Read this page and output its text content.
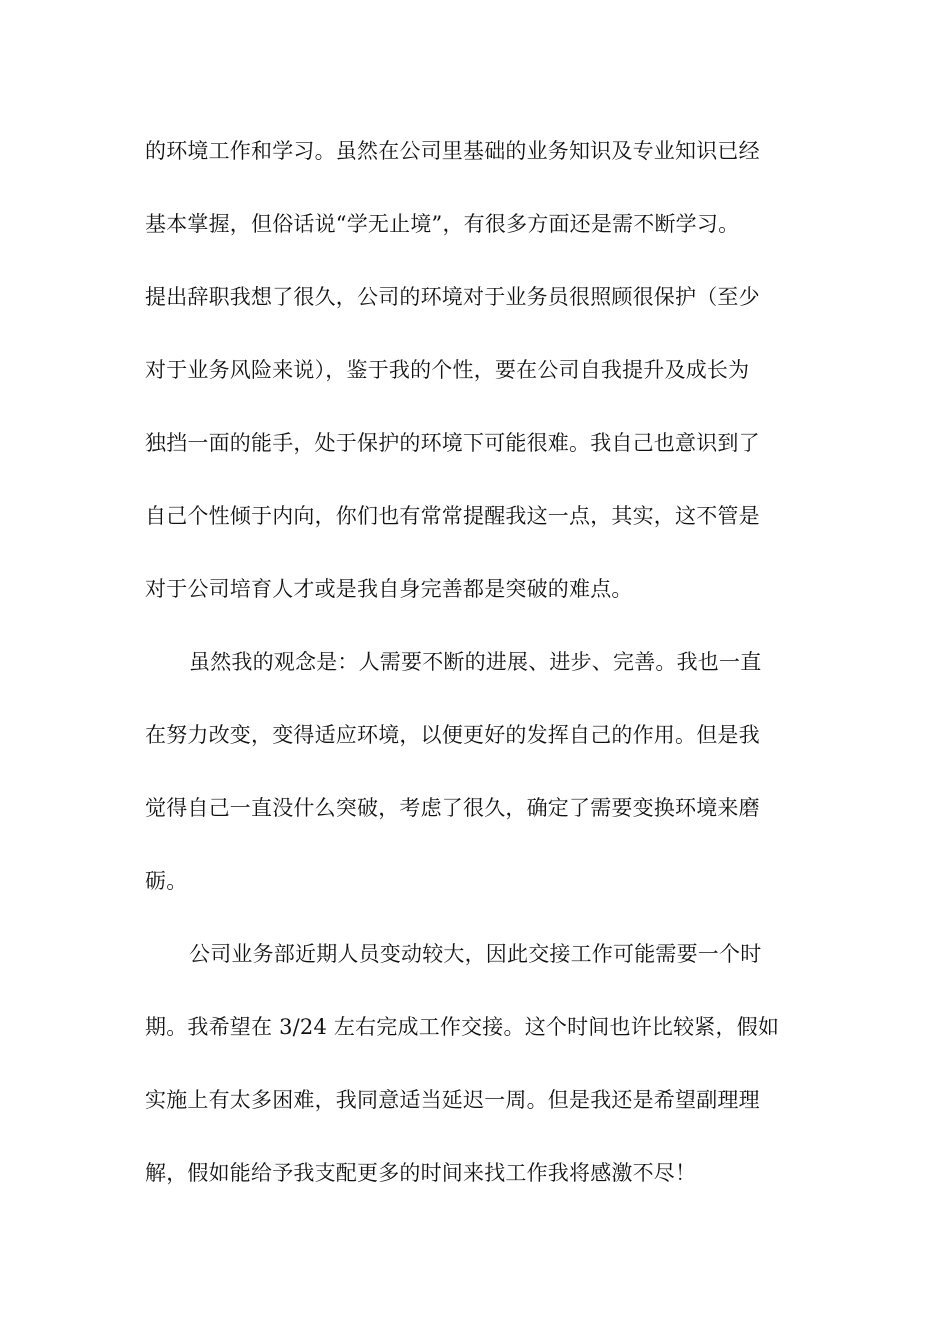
的环境工作和学习。虽然在公司里基础的业务知识及专业知识已经
基本掌握，但俗话说“学无止境”，有很多方面还是需不断学习。
提出辞职我想了很久，公司的环境对于业务员很照顾很保护（至少
对于业务风险来说），鉴于我的个性，要在公司自我提升及成长为
独挡一面的能手，处于保护的环境下可能很难。我自己也意识到了
自己个性倾于内向，你们也有常常提醒我这一点，其实，这不管是
对于公司培育人才或是我自身完善都是突破的难点。
虽然我的观念是：人需要不断的进展、进步、完善。我也一直
在努力改变，变得适应环境，以便更好的发挥自己的作用。但是我
觉得自己一直没什么突破，考虑了很久，确定了需要变换环境来磨
砺。
公司业务部近期人员变动较大，因此交接工作可能需要一个时
期。我希望在 3/24 左右完成工作交接。这个时间也许比较紧，假如
实施上有太多困难，我同意适当延迟一周。但是我还是希望副理理
解，假如能给予我支配更多的时间来找工作我将感激不尽！
